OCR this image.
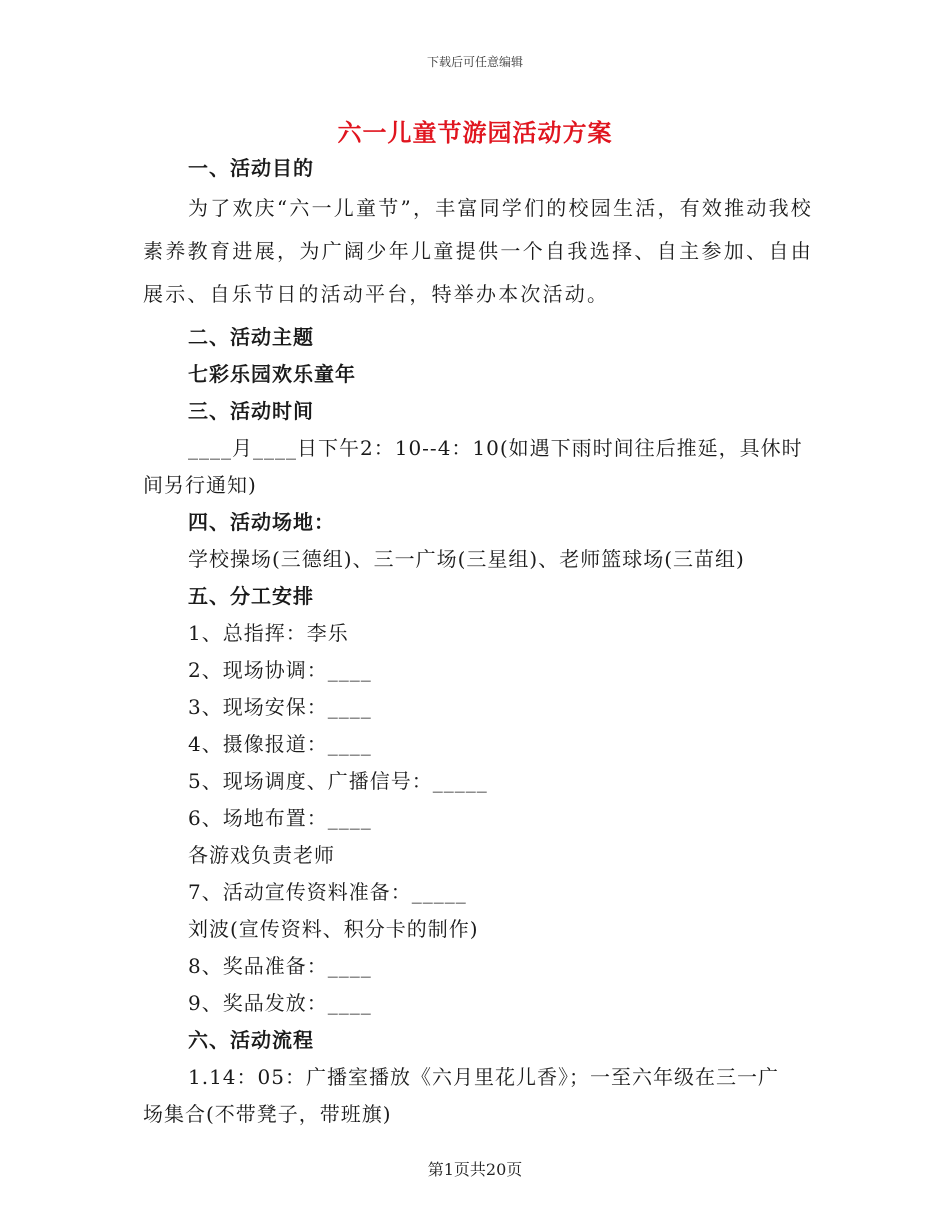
下载后可任意编辑
六一儿童节游园活动方案
一、活动目的
为了欢庆“六一儿童节”，丰富同学们的校园生活，有效推动我校素养教育进展，为广阔少年儿童提供一个自我选择、自主参加、自由展示、自乐节日的活动平台，特举办本次活动。
二、活动主题
七彩乐园欢乐童年
三、活动时间
____月____日下午2：10--4：10(如遇下雨时间往后推延，具休时
间另行通知)
四、活动场地：
学校操场(三德组)、三一广场(三星组)、老师篮球场(三苗组)
五、分工安排
1、总指挥：李乐
2、现场协调：____
3、现场安保：____
4、摄像报道：____
5、现场调度、广播信号：_____
6、场地布置：____
各游戏负责老师
7、活动宣传资料准备：_____
刘波(宣传资料、积分卡的制作)
8、奖品准备：____
9、奖品发放：____
六、活动流程
1.14：05：广播室播放《六月里花儿香》；一至六年级在三一广
场集合(不带凳子，带班旗)
第1页共20页
